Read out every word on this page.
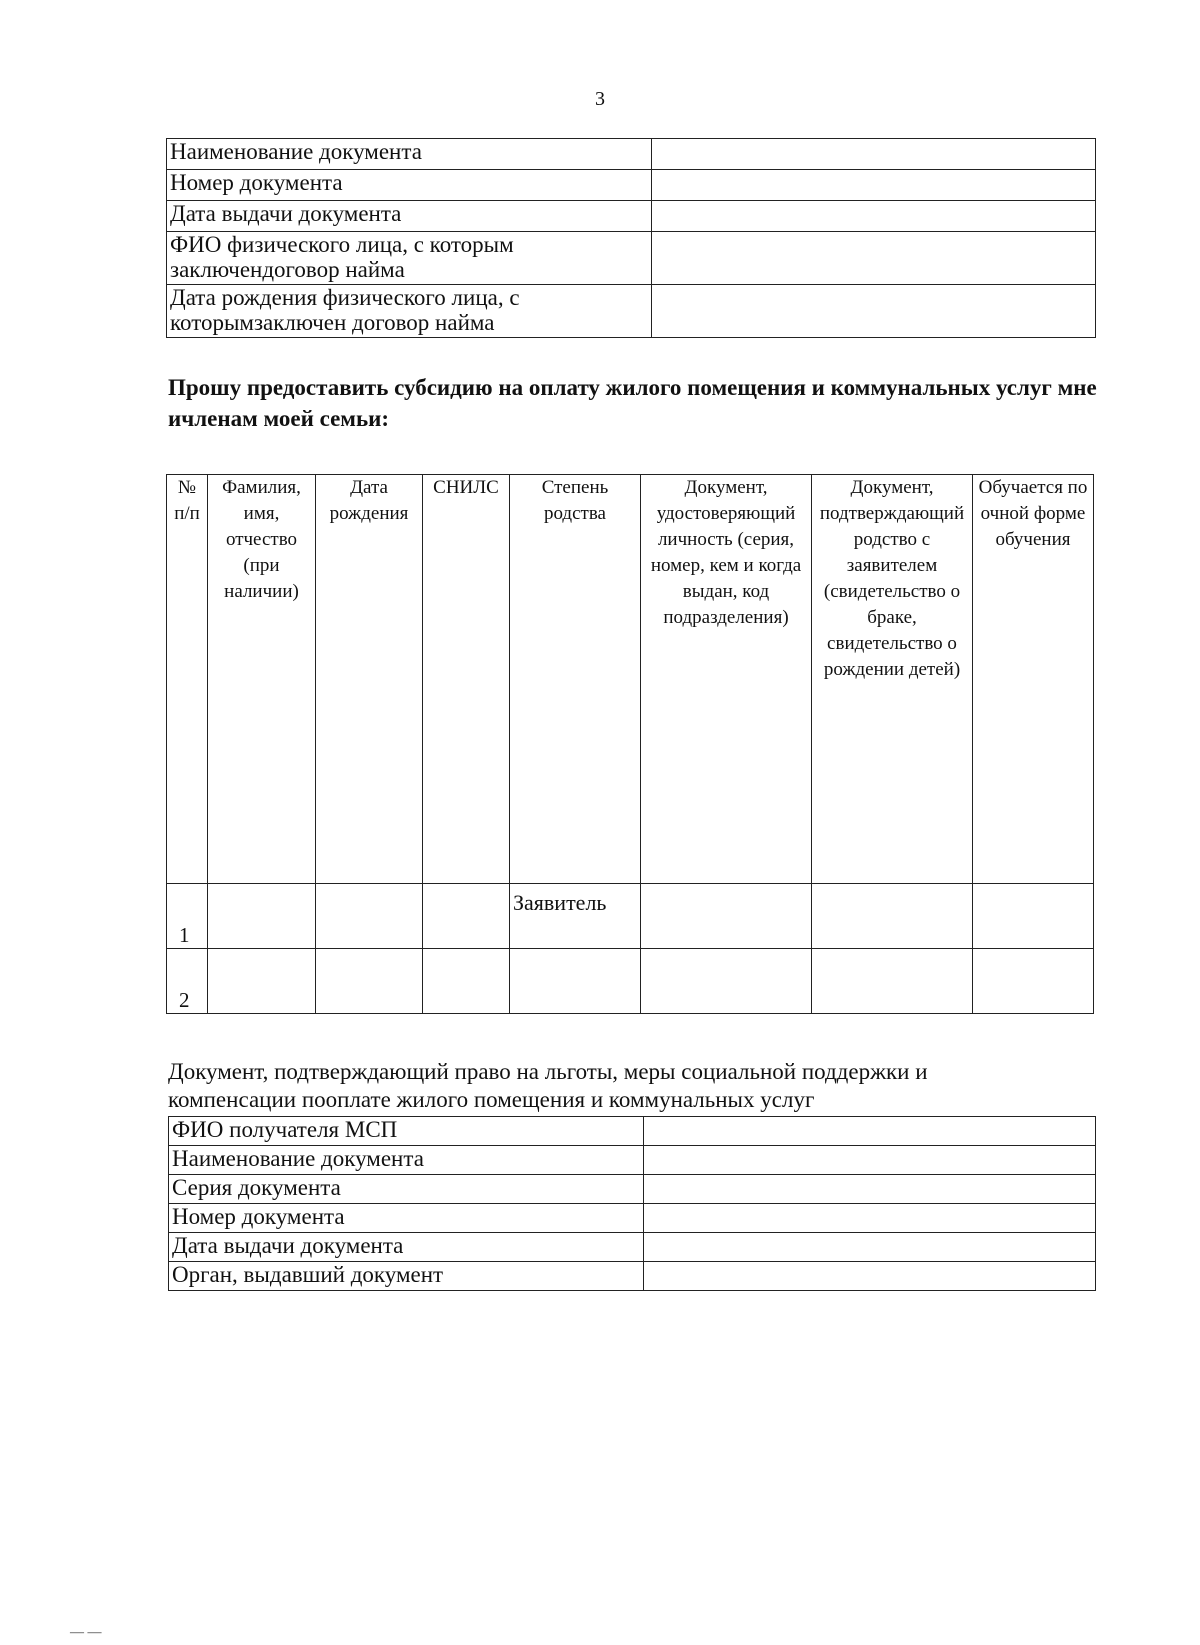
3
Наименование документа	
Номер документа	
Дата выдачи документа	
ФИО физического лица, с которым заключендоговор найма	
Дата рождения физического лица, с которымзаключен договор найма	
Прошу предоставить субсидию на оплату жилого помещения и коммунальных услуг мне ичленам моей семьи:
№ п/п	Фамилия, имя, отчество (при наличии)	Дата рождения	СНИЛС	Степень родства	Документ, удостоверяющий личность (серия, номер, кем и когда выдан, код подразделения)	Документ, подтверждающий родство с заявителем (свидетельство о браке, свидетельство о рождении детей)	Обучается по очной форме обучения
1				Заявитель			
2							
Документ, подтверждающий право на льготы, меры социальной поддержки и
компенсации пооплате жилого помещения и коммунальных услуг
ФИО получателя МСП	
Наименование документа	
Серия документа	
Номер документа	
Дата выдачи документа	
Орган, выдавший документ	
— —
